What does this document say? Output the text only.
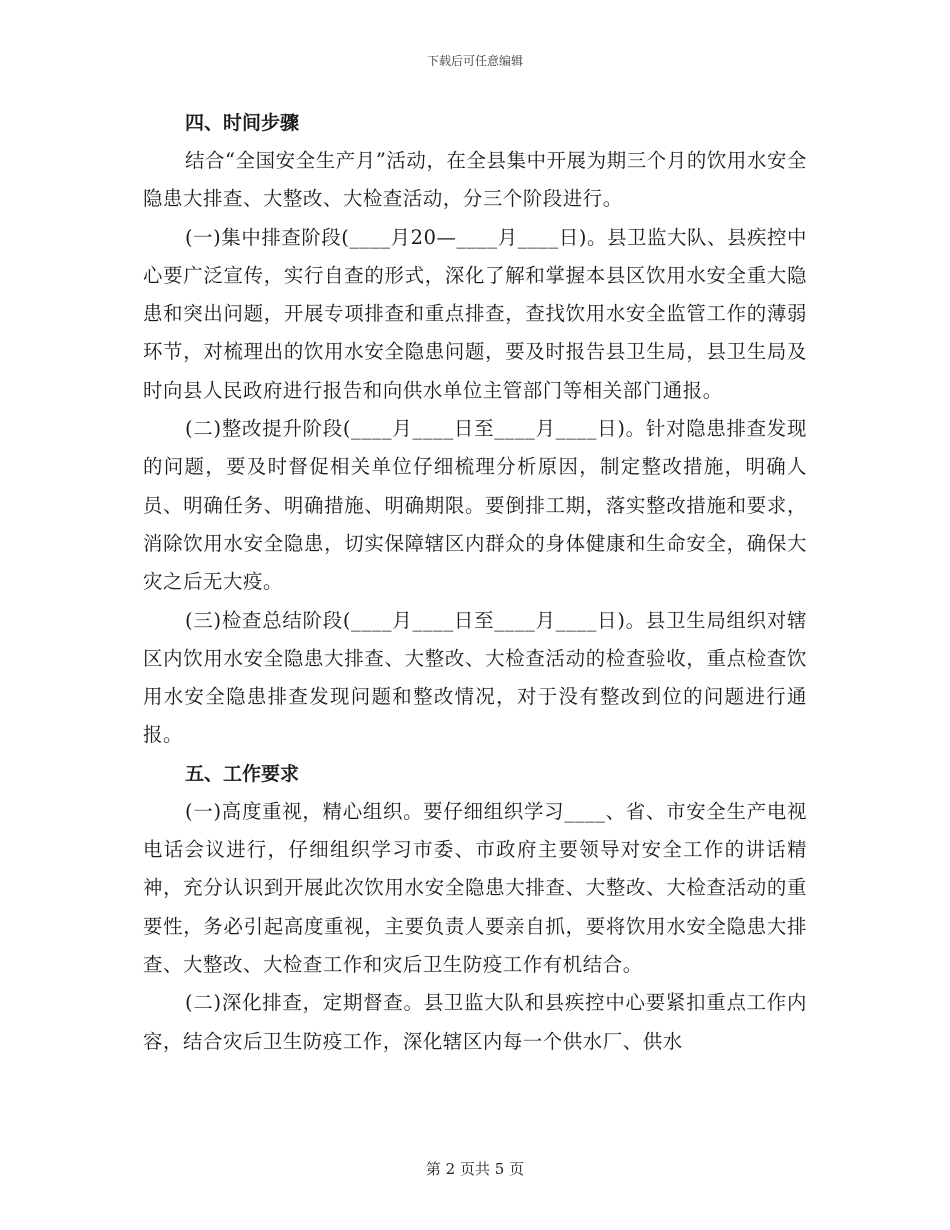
下载后可任意编辑
四、时间步骤

结合“全国安全生产月”活动，在全县集中开展为期三个月的饮用水安全隐患大排查、大整改、大检查活动，分三个阶段进行。

(一)集中排查阶段(____月20—____月____日)。县卫监大队、县疾控中心要广泛宣传，实行自查的形式，深化了解和掌握本县区饮用水安全重大隐患和突出问题，开展专项排查和重点排查，查找饮用水安全监管工作的薄弱环节，对梳理出的饮用水安全隐患问题，要及时报告县卫生局，县卫生局及时向县人民政府进行报告和向供水单位主管部门等相关部门通报。

(二)整改提升阶段(____月____日至____月____日)。针对隐患排查发现的问题，要及时督促相关单位仔细梳理分析原因，制定整改措施，明确人员、明确任务、明确措施、明确期限。要倒排工期，落实整改措施和要求，消除饮用水安全隐患，切实保障辖区内群众的身体健康和生命安全，确保大灾之后无大疫。

(三)检查总结阶段(____月____日至____月____日)。县卫生局组织对辖区内饮用水安全隐患大排查、大整改、大检查活动的检查验收，重点检查饮用水安全隐患排查发现问题和整改情况，对于没有整改到位的问题进行通报。

五、工作要求

(一)高度重视，精心组织。要仔细组织学习____、省、市安全生产电视电话会议进行，仔细组织学习市委、市政府主要领导对安全工作的讲话精神，充分认识到开展此次饮用水安全隐患大排查、大整改、大检查活动的重要性，务必引起高度重视，主要负责人要亲自抓，要将饮用水安全隐患大排查、大整改、大检查工作和灾后卫生防疫工作有机结合。

(二)深化排查，定期督查。县卫监大队和县疾控中心要紧扣重点工作内容，结合灾后卫生防疫工作，深化辖区内每一个供水厂、供水

第 2 页共 5 页
